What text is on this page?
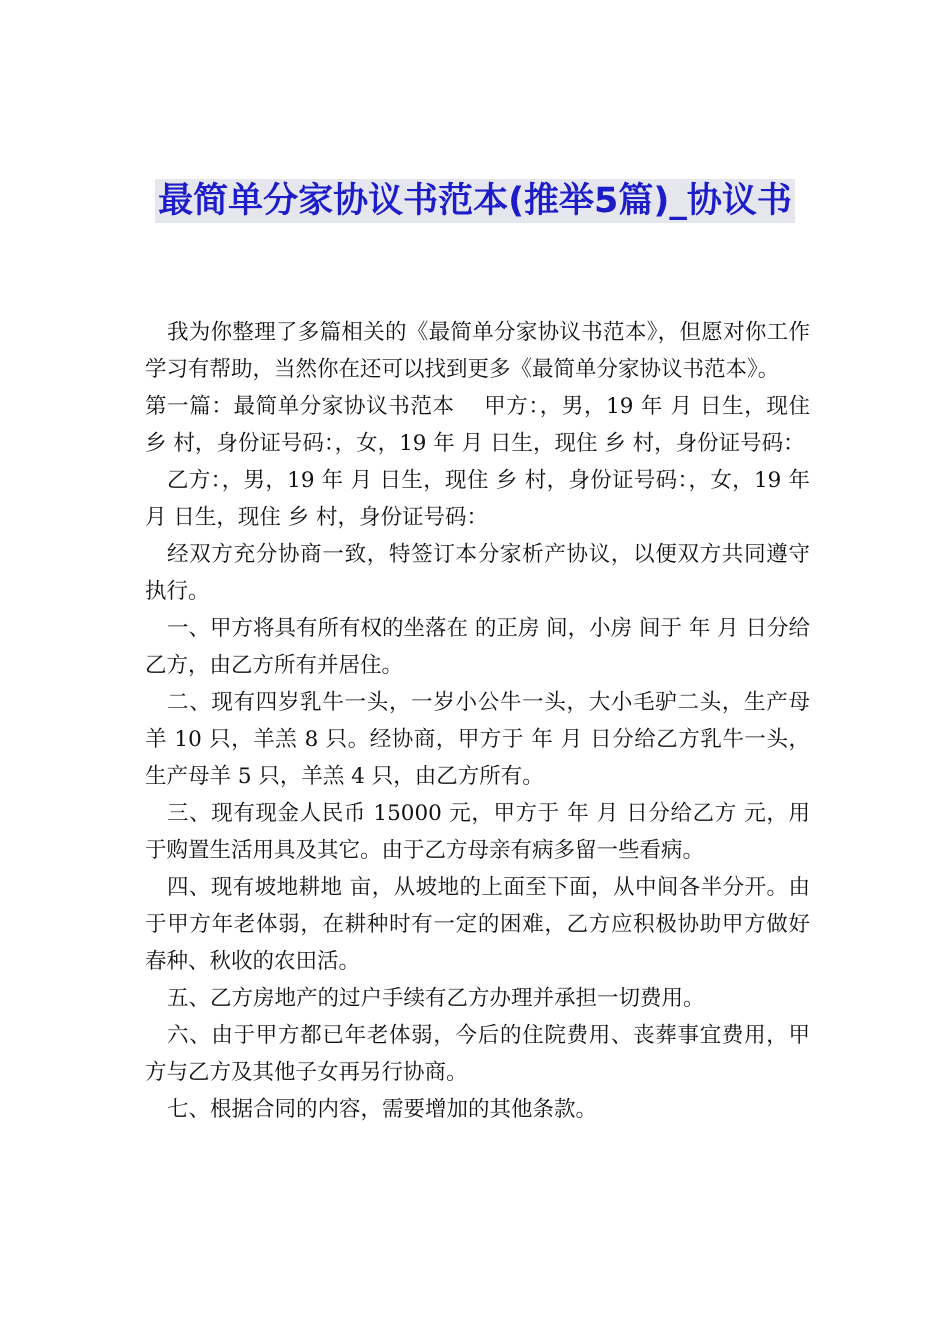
最简单分家协议书范本(推举5篇)_协议书

我为你整理了多篇相关的《最简单分家协议书范本》，但愿对你工作学习有帮助，当然你在还可以找到更多《最简单分家协议书范本》。

第一篇：最简单分家协议书范本　 甲方：，男，19 年 月 日生，现住 乡 村，身份证号码：，女，19 年 月 日生，现住 乡 村，身份证号码：

乙方：，男，19 年 月 日生，现住 乡 村，身份证号码：，女，19 年 月 日生，现住 乡 村，身份证号码：

经双方充分协商一致，特签订本分家析产协议，以便双方共同遵守执行。

一、甲方将具有所有权的坐落在 的正房 间，小房 间于 年 月 日分给乙方，由乙方所有并居住。

二、现有四岁乳牛一头，一岁小公牛一头，大小毛驴二头，生产母羊 10 只，羊羔 8 只。经协商，甲方于 年 月 日分给乙方乳牛一头，生产母羊 5 只，羊羔 4 只，由乙方所有。

三、现有现金人民币 15000 元，甲方于 年 月 日分给乙方 元，用于购置生活用具及其它。由于乙方母亲有病多留一些看病。

四、现有坡地耕地 亩，从坡地的上面至下面，从中间各半分开。由于甲方年老体弱，在耕种时有一定的困难，乙方应积极协助甲方做好春种、秋收的农田活。

五、乙方房地产的过户手续有乙方办理并承担一切费用。

六、由于甲方都已年老体弱，今后的住院费用、丧葬事宜费用，甲方与乙方及其他子女再另行协商。

七、根据合同的内容，需要增加的其他条款。
